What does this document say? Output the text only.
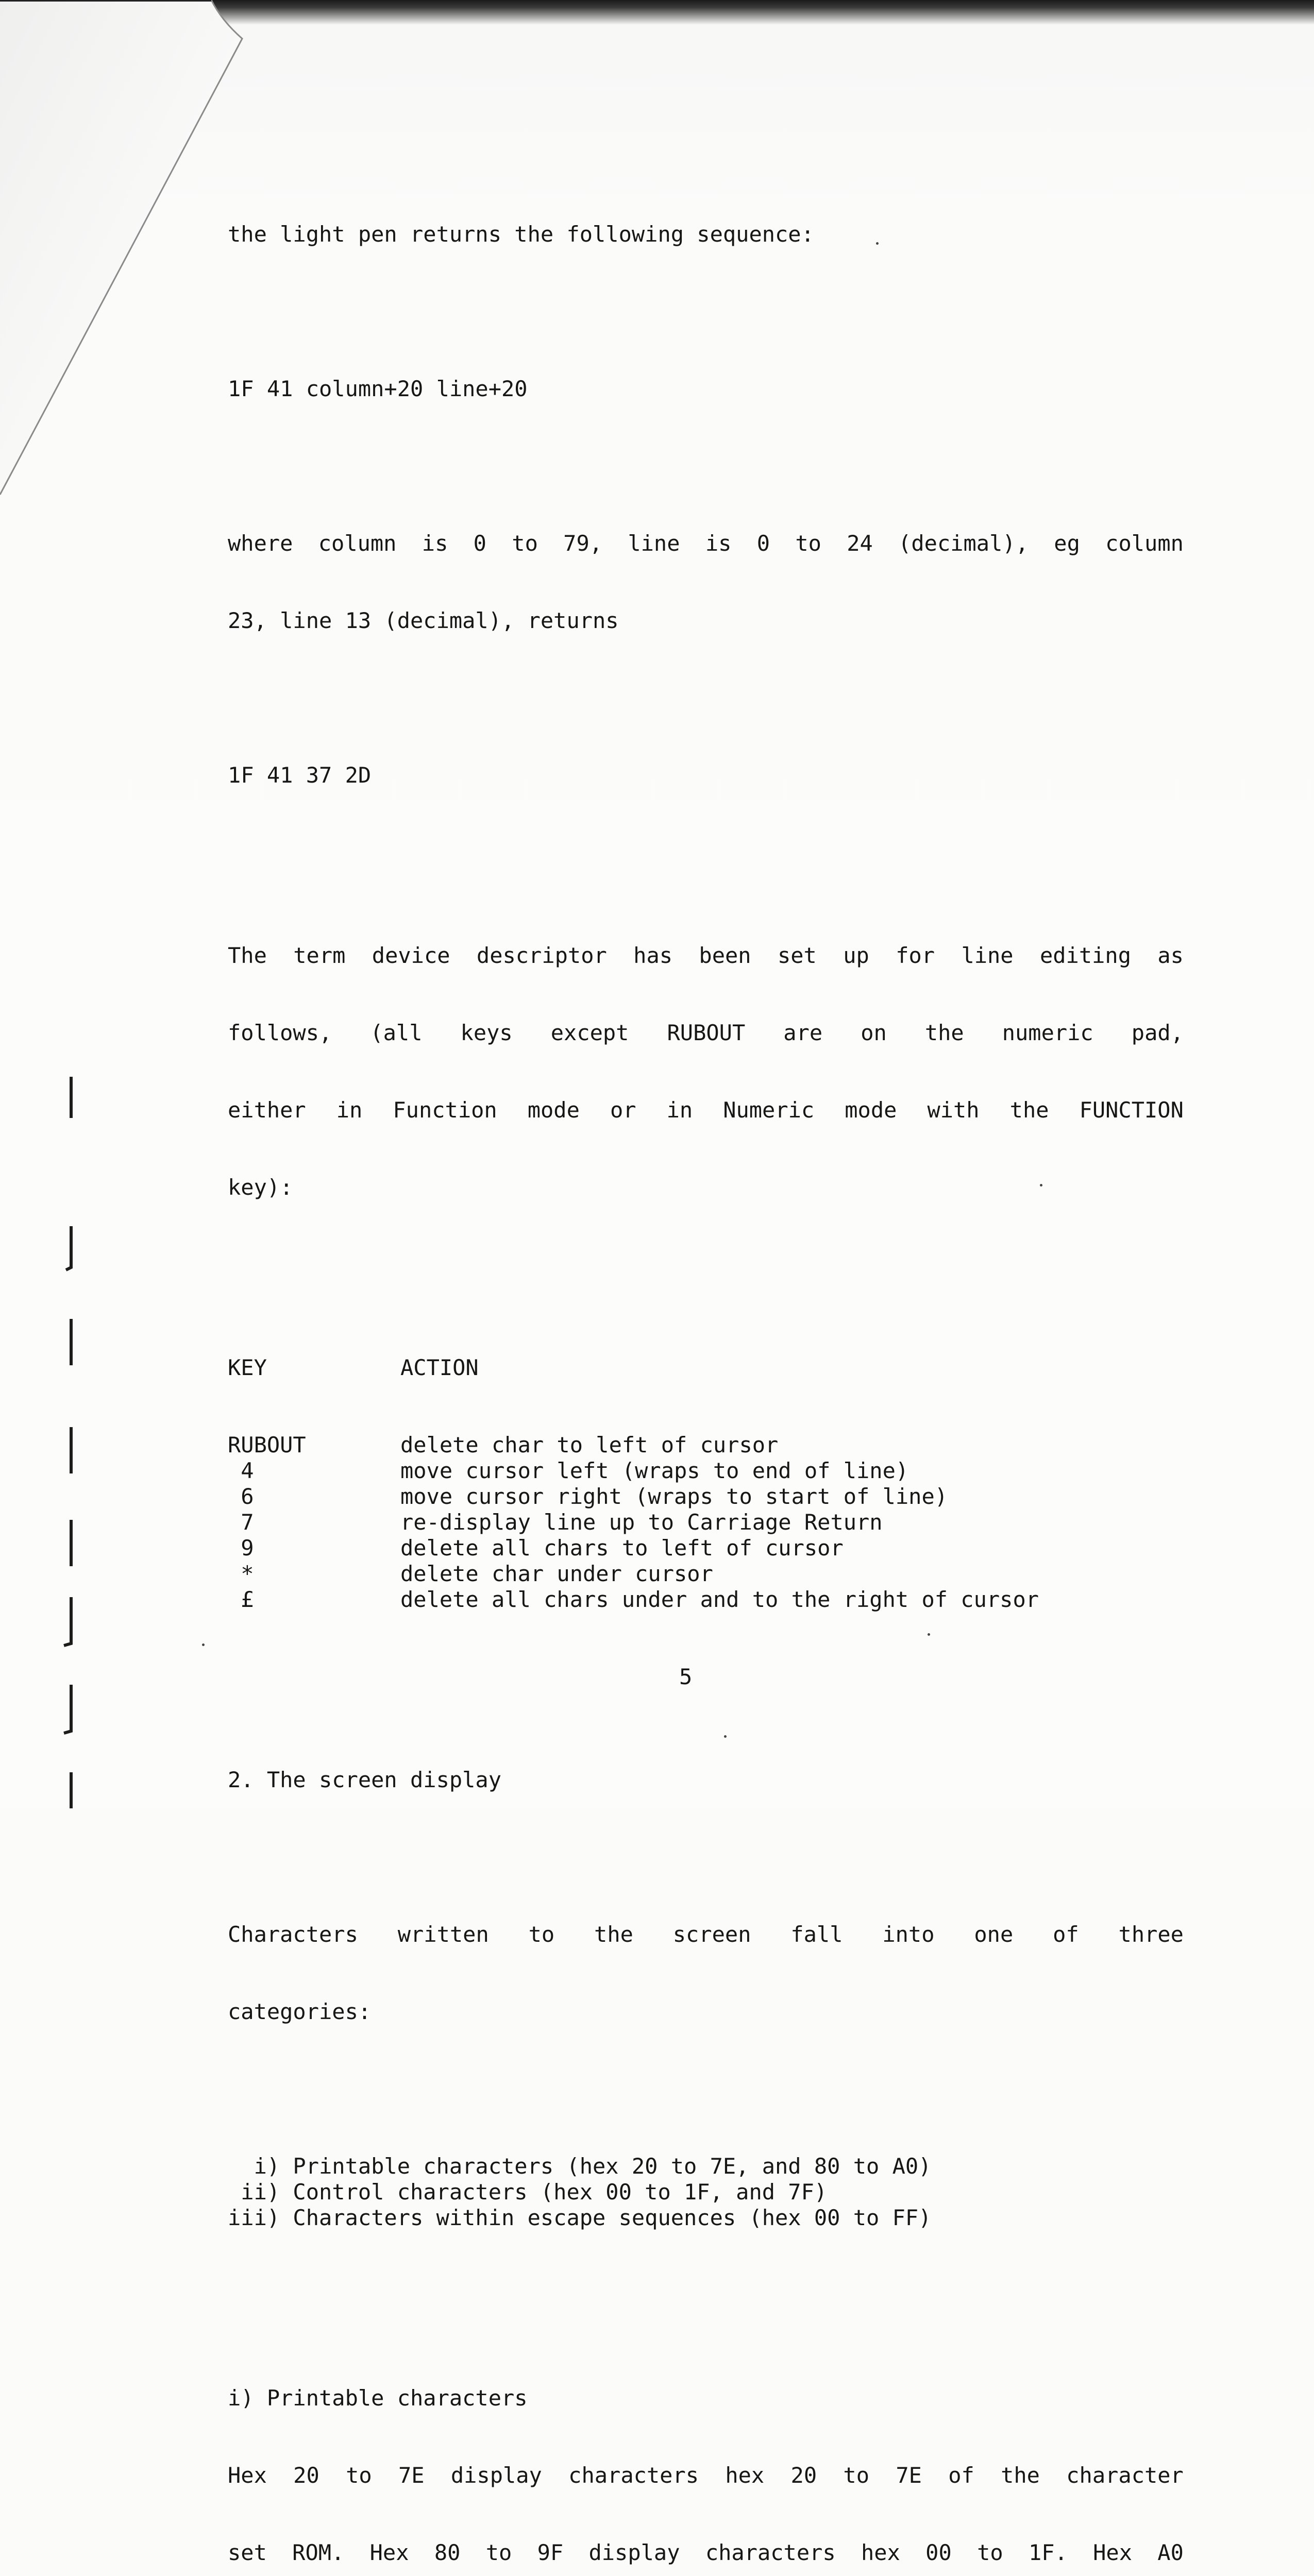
the light pen returns the following sequence:

1F 41 column+20 line+20

where column is 0 to 79, line is 0 to 24 (decimal), eg column

23, line 13 (decimal), returns

1F 41 37 2D

The term device descriptor has been set up for line editing as

follows, (all keys except RUBOUT are on the numeric pad,

either in Function mode or in Numeric mode with the FUNCTION

key):

KEY	ACTION

RUBOUT	delete char to left of cursor
4	move cursor left (wraps to end of line)
6	move cursor right (wraps to start of line)
7	re-display line up to Carriage Return
9	delete all chars to left of cursor
*	delete char under cursor
£	delete all chars under and to the right of cursor

2. The screen display

Characters written to the screen fall into one of three

categories:

i) Printable characters (hex 20 to 7E, and 80 to A0)
ii) Control characters (hex 00 to 1F, and 7F)
iii) Characters within escape sequences (hex 00 to FF)

i) Printable characters

Hex 20 to 7E display characters hex 20 to 7E of the character

set ROM. Hex 80 to 9F display characters hex 00 to 1F. Hex A0

5
